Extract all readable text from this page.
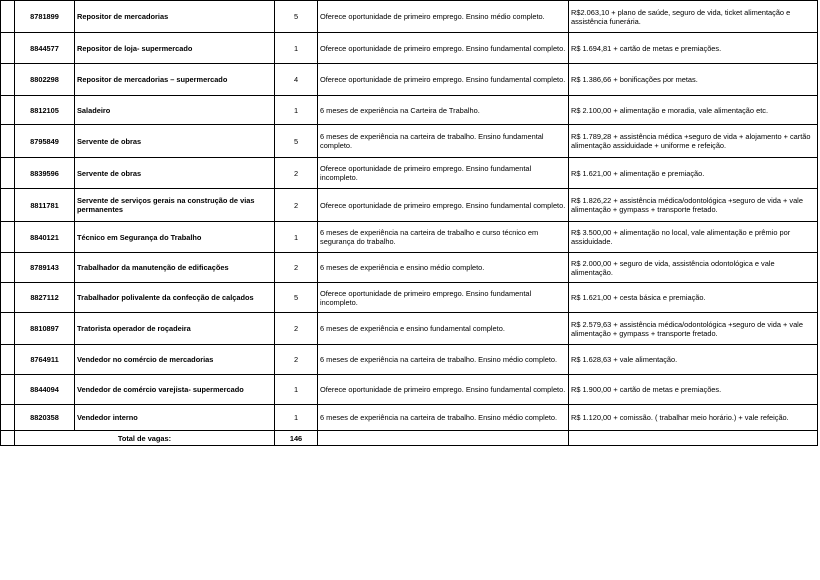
	8781899	Repositor de mercadorias	5	Oferece oportunidade de primeiro emprego. Ensino médio completo.	R$2.063,10 + plano de saúde, seguro de vida, ticket alimentação e assistência funerária.
	8844577	Repositor de loja- supermercado	1	Oferece oportunidade de primeiro emprego. Ensino fundamental completo.	R$ 1.694,81 + cartão de metas e premiações.
	8802298	Repositor de mercadorias – supermercado	4	Oferece oportunidade de primeiro emprego. Ensino fundamental completo.	R$ 1.386,66 + bonificações por metas.
	8812105	Saladeiro	1	6 meses de experiência na Carteira de Trabalho.	R$ 2.100,00 + alimentação e moradia, vale alimentação etc.
	8795849	Servente de obras	5	6 meses de experiência na carteira de trabalho. Ensino fundamental completo.	R$ 1.789,28 + assistência médica +seguro de vida + alojamento + cartão alimentação assiduidade + uniforme e refeição.
	8839596	Servente de obras	2	Oferece oportunidade de primeiro emprego. Ensino fundamental incompleto.	R$ 1.621,00 + alimentação e premiação.
	8811781	Servente de serviços gerais na construção de vias permanentes	2	Oferece oportunidade de primeiro emprego. Ensino fundamental completo.	R$ 1.826,22 + assistência médica/odontológica +seguro de vida + vale alimentação + gympass + transporte fretado.
	8840121	Técnico em Segurança do Trabalho	1	6 meses de experiência na carteira de trabalho e curso técnico em segurança do trabalho.	R$ 3.500,00 + alimentação no local, vale alimentação e prêmio por assiduidade.
	8789143	Trabalhador da manutenção de edificações	2	6 meses de experiência e ensino médio completo.	R$ 2.000,00 + seguro de vida, assistência odontológica e vale alimentação.
	8827112	Trabalhador polivalente da confecção de calçados	5	Oferece oportunidade de primeiro emprego. Ensino fundamental incompleto.	R$ 1.621,00 + cesta básica e premiação.
	8810897	Tratorista operador de roçadeira	2	6 meses de experiência e ensino fundamental completo.	R$ 2.579,63 + assistência médica/odontológica +seguro de vida + vale alimentação + gympass + transporte fretado.
	8764911	Vendedor no comércio de mercadorias	2	6 meses de experiência na carteira de trabalho. Ensino médio completo.	R$ 1.628,63 + vale alimentação.
	8844094	Vendedor de comércio varejista- supermercado	1	Oferece oportunidade de primeiro emprego. Ensino fundamental completo.	R$ 1.900,00 + cartão de metas e premiações.
	8820358	Vendedor interno	1	6 meses de experiência na carteira de trabalho. Ensino médio completo.	R$ 1.120,00 + comissão. ( trabalhar meio horário.) + vale refeição.
	Total de vagas:		146		
